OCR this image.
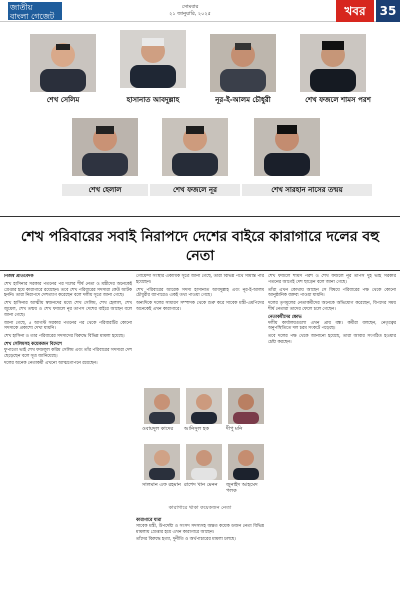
জাতীয়
বাংলা গেজেট
সোমবার
২১ জানুয়ারি, ২০২৫	খবর	35
শেখ সেলিম	হাসানাত আবদুল্লাহ	নূর-ই-আলম চৌধুরী	শেখ ফজলে শামস পরশ
শেখ হেলাল	শেখ ফজলে নূর	শেখ সারহান নাসের তন্ময়
শেখ পরিবারের সবাই নিরাপদে দেশের বাইরে কারাগারে দলের বহু নেতা

নিজস্ব প্রতিবেদক

শেখ হাসিনার সরকার পতনের পর দলের শীর্ষ নেতা ও মন্ত্রীদের অনেকেই গ্রেপ্তার হয়ে কারাগারে রয়েছেন। তবে শেখ পরিবারের সদস্যরা কেউ আটক হননি। তারা নিরাপদে দেশত্যাগ করেছেন বলে দলীয় সূত্রে জানা গেছে।

শেখ হাসিনার আত্মীয় স্বজনদের মধ্যে শেখ সেলিম, শেখ হেলাল, শেখ জুয়েল, শেখ তন্ময় ও শেখ ফজলে নূর তাপস দেশের বাইরে আছেন বলে জানা গেছে।

জানা গেছে, ৫ আগস্ট সরকার পতনের পর থেকে পরিবারটির কোনো সদস্যকে প্রকাশ্যে দেখা যায়নি।

শেখ হাসিনা ও তার পরিবারের সদস্যদের বিরুদ্ধে বিভিন্ন মামলা হয়েছে।

শেখ সেলিমসহ কয়েকজন বিদেশে

ফুপাতো ভাই শেখ ফজলুল করিম সেলিম এবং তাঁর পরিবারের সদস্যরা দেশ ছেড়েছেন বলে সূত্র জানিয়েছে।

দলের অনেক নেতাকর্মী এখনো আত্মগোপনে রয়েছেন।

গোয়েন্দা সংস্থার একাধিক সূত্রে জানা গেছে, তাঁরা বিভিন্ন পথে সীমান্ত পার হয়েছেন।

শেখ পরিবারের আরেক সদস্য হাসানাত আবদুল্লাহ এবং নূর-ই-আলম চৌধুরীর ব্যাপারেও একই তথ্য পাওয়া গেছে।

অন্যদিকে দলের সাধারণ সম্পাদক থেকে শুরু করে সাবেক মন্ত্রী-এমপিদের অনেকেই এখন কারাগারে।

ওবায়দুল কাদের	আনিসুল হক	দীপু মনি
সালমান এফ রহমান রাশেদ খান মেনন	জুনাইদ আহমেদ পলক
কারাগারে থাকা কয়েকজন নেতা
কারাগারে যারা

সাবেক মন্ত্রী, উপদেষ্টা ও সংসদ সদস্যসহ অন্তত কয়েক ডজন নেতা বিভিন্ন মামলায় গ্রেপ্তার হয়ে এখন কারাগারে আছেন।

তাঁদের বিরুদ্ধে হত্যা, দুর্নীতি ও অর্থপাচারের মামলা চলছে।

শেখ ফজলে শামস পরশ ও শেখ ফজলে নূর তাপস দুই ভাই সরকার পতনের আগেই দেশ ছাড়েন বলে জানা গেছে।

তাঁরা এখন কোথায় আছেন সে বিষয়ে পরিবারের পক্ষ থেকে কোনো আনুষ্ঠানিক বক্তব্য পাওয়া যায়নি।

দলের তৃণমূলের নেতাকর্মীদের অনেকে অভিযোগ করেছেন, বিপদের সময় শীর্ষ নেতারা তাদের ফেলে চলে গেছেন।

নেতাকর্মীদের ক্ষোভ

দলীয় কার্যালয়গুলো এখন প্রায় বন্ধ। কর্মীরা বলছেন, নেতৃত্বের অনুপস্থিতিতে দল চরম সংকটে পড়েছে।

তবে দলের পক্ষ থেকে জানানো হয়েছে, তারা আবার সংগঠিত হওয়ার চেষ্টা করছেন।
